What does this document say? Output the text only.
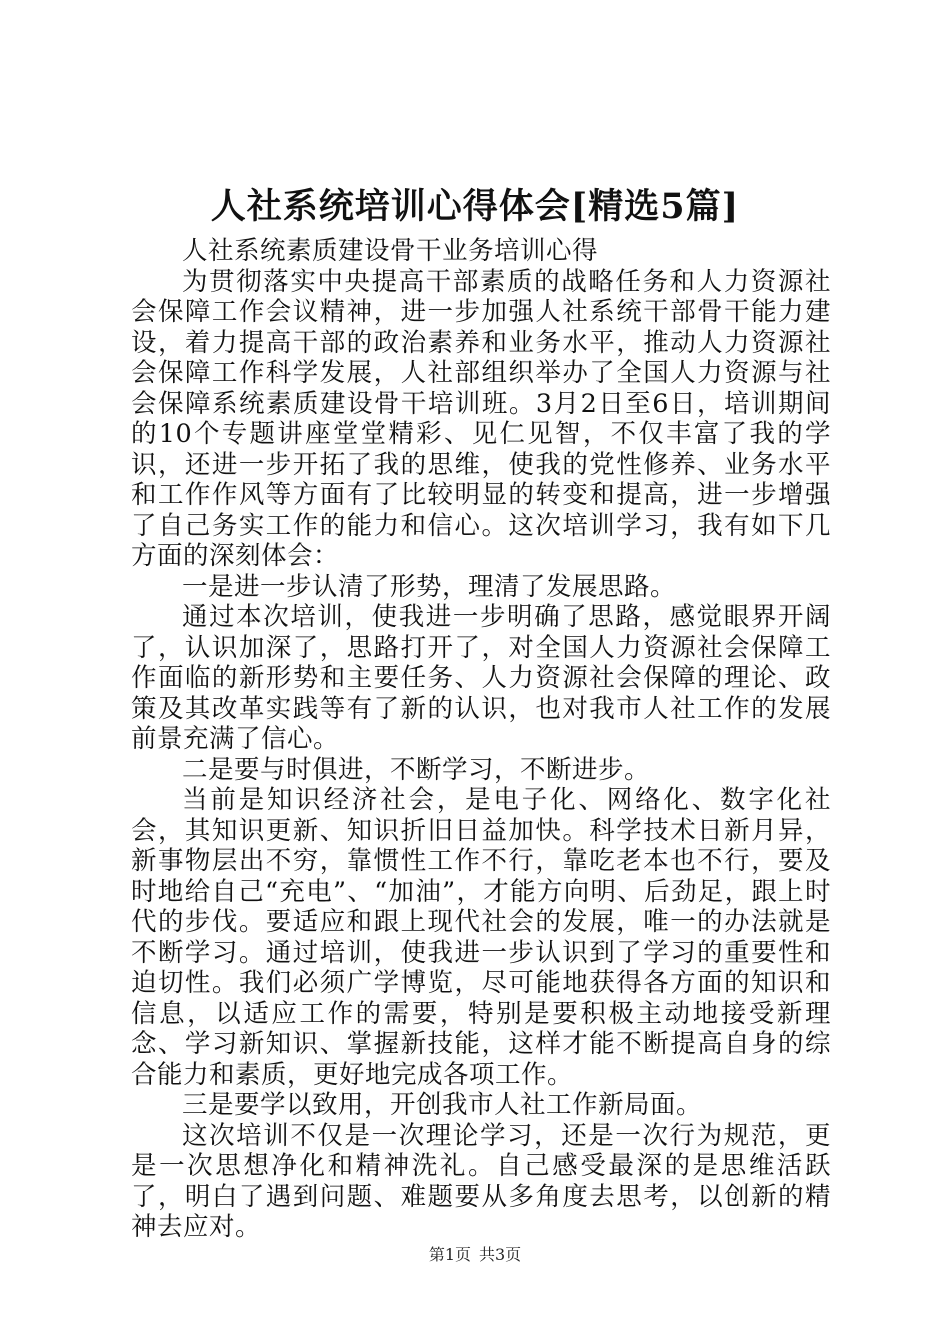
人社系统培训心得体会[精选5篇]

人社系统素质建设骨干业务培训心得

为贯彻落实中央提高干部素质的战略任务和人力资源社会保障工作会议精神，进一步加强人社系统干部骨干能力建设，着力提高干部的政治素养和业务水平，推动人力资源社会保障工作科学发展，人社部组织举办了全国人力资源与社会保障系统素质建设骨干培训班。3月2日至6日，培训期间的10个专题讲座堂堂精彩、见仁见智，不仅丰富了我的学识，还进一步开拓了我的思维，使我的党性修养、业务水平和工作作风等方面有了比较明显的转变和提高，进一步增强了自己务实工作的能力和信心。这次培训学习，我有如下几方面的深刻体会：

一是进一步认清了形势，理清了发展思路。

通过本次培训，使我进一步明确了思路，感觉眼界开阔了，认识加深了，思路打开了，对全国人力资源社会保障工作面临的新形势和主要任务、人力资源社会保障的理论、政策及其改革实践等有了新的认识，也对我市人社工作的发展前景充满了信心。

二是要与时俱进，不断学习，不断进步。

当前是知识经济社会，是电子化、网络化、数字化社会，其知识更新、知识折旧日益加快。科学技术日新月异，新事物层出不穷，靠惯性工作不行，靠吃老本也不行，要及时地给自己“充电”、“加油”，才能方向明、后劲足，跟上时代的步伐。要适应和跟上现代社会的发展，唯一的办法就是不断学习。通过培训，使我进一步认识到了学习的重要性和迫切性。我们必须广学博览，尽可能地获得各方面的知识和信息，以适应工作的需要，特别是要积极主动地接受新理念、学习新知识、掌握新技能，这样才能不断提高自身的综合能力和素质，更好地完成各项工作。

三是要学以致用，开创我市人社工作新局面。

这次培训不仅是一次理论学习，还是一次行为规范，更是一次思想净化和精神洗礼。自己感受最深的是思维活跃了，明白了遇到问题、难题要从多角度去思考，以创新的精神去应对。

第1页 共3页
